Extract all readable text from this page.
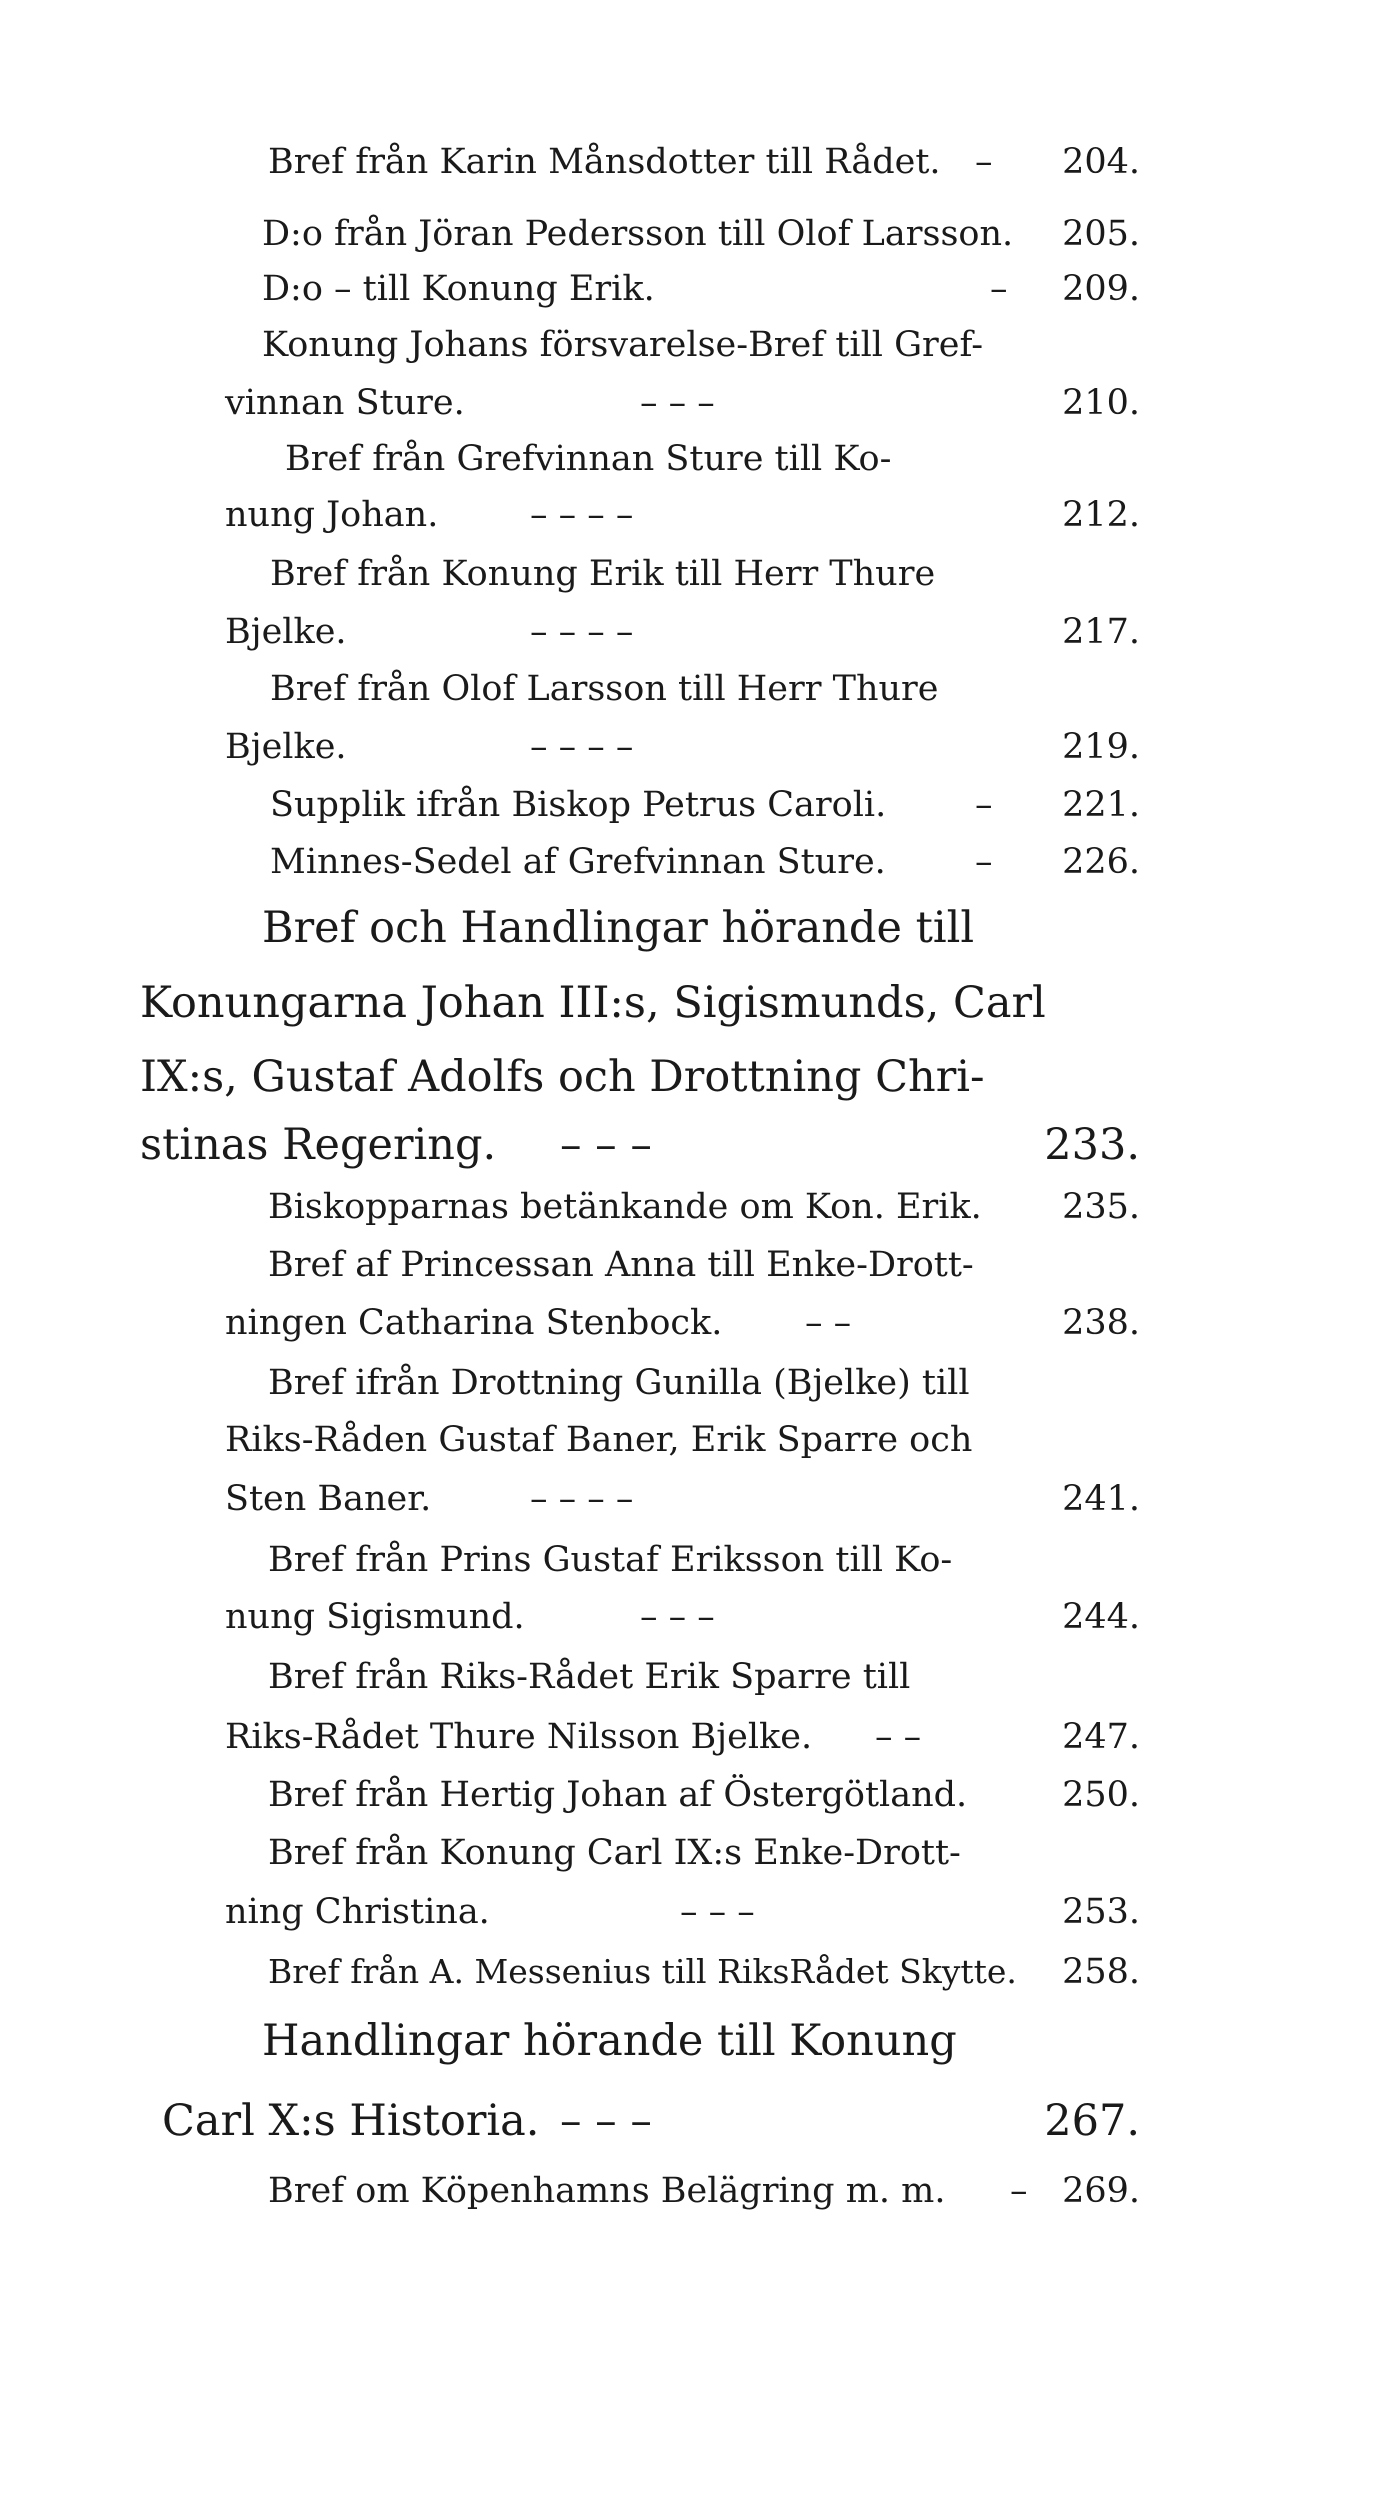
Bref från Karin Månsdotter till Rådet. – 204.
D:o från Jöran Pedersson till Olof Larsson. 205.
D:o – till Konung Erik.	– 209.
Konung Johans försvarelse-Bref till Gref-
vinnan Sture.	– – –	210.
Bref från Grefvinnan Sture till Ko-
nung Johan.	– – – –	212.
Bref från Konung Erik till Herr Thure
Bjelke.	– – – –	217.
Bref från Olof Larsson till Herr Thure
Bjelke.	– – – –	219.
Supplik ifrån Biskop Petrus Caroli.	– 221.
Minnes-Sedel af Grefvinnan Sture.	– 226.
Bref och Handlingar hörande till
Konungarna Johan III:s, Sigismunds, Carl
IX:s, Gustaf Adolfs och Drottning Chri-
stinas Regering. – – –	233.
Biskopparnas betänkande om Kon. Erik. 235.
Bref af Princessan Anna till Enke-Drott-
ningen Catharina Stenbock. – –	238.
Bref ifrån Drottning Gunilla (Bjelke) till
Riks-Råden Gustaf Baner, Erik Sparre och
Sten Baner.	– – – –	241.
Bref från Prins Gustaf Eriksson till Ko-
nung Sigismund.	– – –	244.
Bref från Riks-Rådet Erik Sparre till
Riks-Rådet Thure Nilsson Bjelke. – –	247.
Bref från Hertig Johan af Östergötland.	250.
Bref från Konung Carl IX:s Enke-Drott-
ning Christina.	– – –	253.
Bref från A. Messenius till RiksRådet Skytte. 258.
Handlingar hörande till Konung
Carl X:s Historia. – – –	267.
Bref om Köpenhamns Belägring m. m. – 269.
